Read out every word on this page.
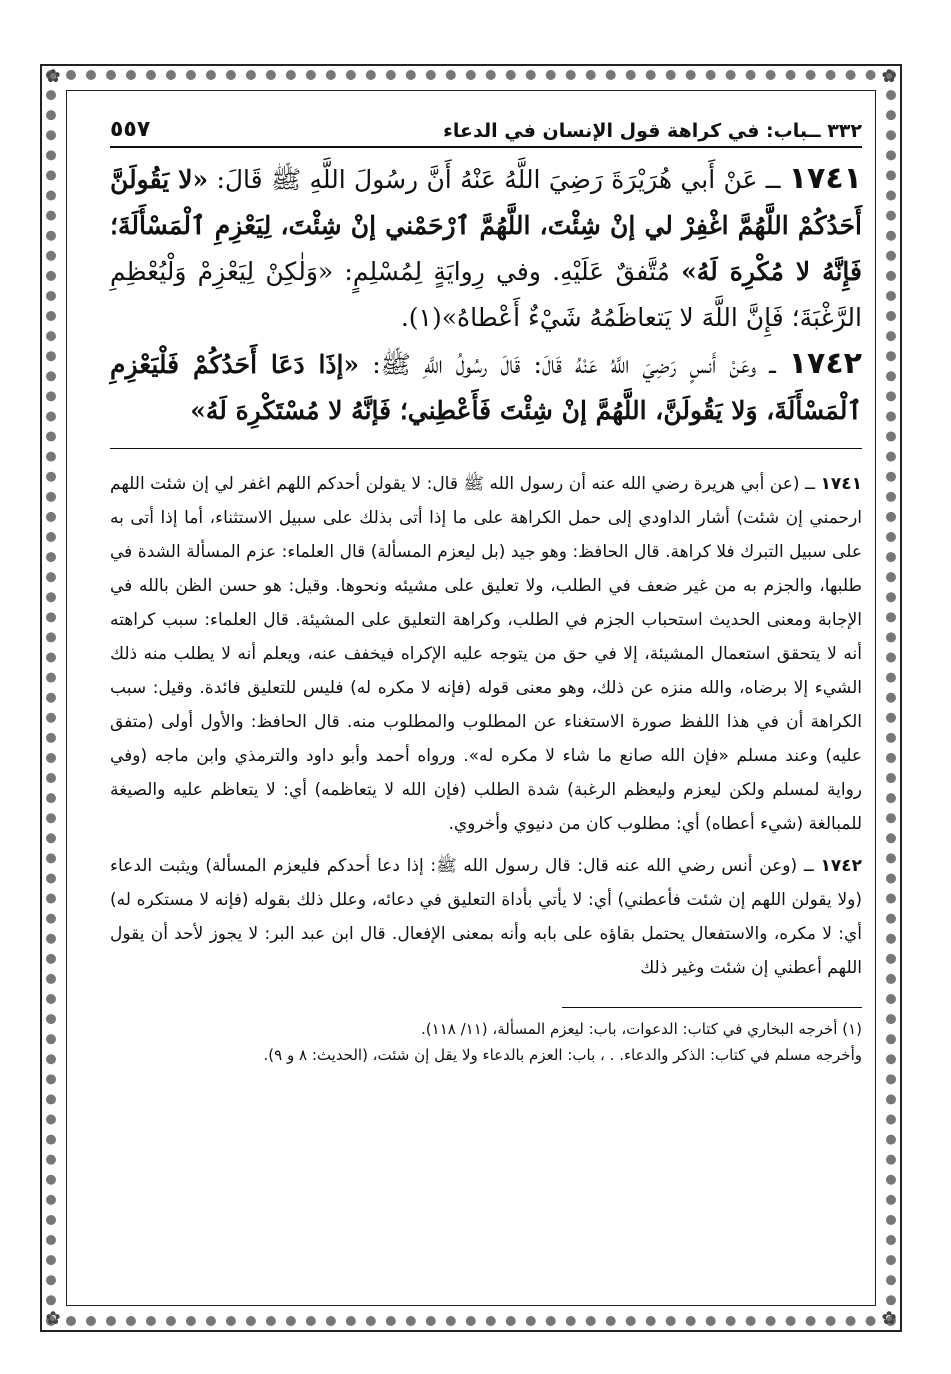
✿	✿
✿	✿
٣٣٢ ــباب: في كراهة قول الإنسان في الدعاء
٥٥٧

١٧٤١ ــ عَنْ أَبي هُرَيْرَةَ رَضِيَ اللَّهُ عَنْهُ أَنَّ رسُولَ اللَّهِ ﷺ قَالَ: «لا يَقُولَنَّ أَحَدُكُمْ اللَّهُمَّ اغْفِرْ لي إنْ شِئْتَ، اللَّهُمَّ ٱرْحَمْني إنْ شِئْتَ، لِيَعْزِمِ ٱلْمَسْأَلَةَ؛ فَإِنَّهُ لا مُكْرِهَ لَهُ» مُتَّفقٌ عَلَيْهِ. وفي رِوايَةٍ لِمُسْلِمٍ: «وَلٰكِنْ لِيَعْزِمْ وَلْيُعْظِمِ الرَّغْبَةَ؛ فَإِنَّ اللَّهَ لا يَتعاظَمُهُ شَيْءٌ أَعْطاهُ»(١).

١٧٤٢ ــ وعَنْ أَنسٍ رَضِيَ اللَّهُ عَنْهُ قَالَ: قَالَ رسُولُ اللَّهِ ﷺ: «إذَا دَعَا أَحَدُكُمْ فَلْيَعْزِمِ ٱلْمَسْأَلَةَ، وَلا يَقُولَنَّ، اللَّهُمَّ إنْ شِئْتَ فَأَعْطِني؛ فَإنَّهُ لا مُسْتَكْرِهَ لَهُ»

١٧٤١ ــ (عن أبي هريرة رضي الله عنه أن رسول الله ﷺ قال: لا يقولن أحدكم اللهم اغفر لي إن شئت اللهم ارحمني إن شئت) أشار الداودي إلى حمل الكراهة على ما إذا أتى بذلك على سبيل الاستثناء، أما إذا أتى به على سبيل التبرك فلا كراهة. قال الحافظ: وهو جيد (بل ليعزم المسألة) قال العلماء: عزم المسألة الشدة في طلبها، والجزم به من غير ضعف في الطلب، ولا تعليق على مشيئه ونحوها. وقيل: هو حسن الظن بالله في الإجابة ومعنى الحديث استحباب الجزم في الطلب، وكراهة التعليق على المشيئة. قال العلماء: سبب كراهته أنه لا يتحقق استعمال المشيئة، إلا في حق من يتوجه عليه الإكراه فيخفف عنه، ويعلم أنه لا يطلب منه ذلك الشيء إلا برضاه، والله منزه عن ذلك، وهو معنى قوله (فإنه لا مكره له) فليس للتعليق فائدة. وقيل: سبب الكراهة أن في هذا اللفظ صورة الاستغناء عن المطلوب والمطلوب منه. قال الحافظ: والأول أولى (متفق عليه) وعند مسلم «فإن الله صانع ما شاء لا مكره له». ورواه أحمد وأبو داود والترمذي وابن ماجه (وفي رواية لمسلم ولكن ليعزم وليعظم الرغبة) شدة الطلب (فإن الله لا يتعاظمه) أي: لا يتعاظم عليه والصيغة للمبالغة (شيء أعطاه) أي: مطلوب كان من دنيوي وأخروي.

١٧٤٢ ــ (وعن أنس رضي الله عنه قال: قال رسول الله ﷺ: إذا دعا أحدكم فليعزم المسألة) ويثبت الدعاء (ولا يقولن اللهم إن شئت فأعطني) أي: لا يأتي بأداة التعليق في دعائه، وعلل ذلك بقوله (فإنه لا مستكره له) أي: لا مكره، والاستفعال يحتمل بقاؤه على بابه وأنه بمعنى الإفعال. قال ابن عبد البر: لا يجوز لأحد أن يقول اللهم أعطني إن شئت وغير ذلك

(١) أخرجه البخاري في كتاب: الدعوات، باب: ليعزم المسألة، (١١/ ١١٨).

وأخرجه مسلم في كتاب: الذكر والدعاء. . ، باب: العزم بالدعاء ولا يقل إن شئت، (الحديث: ٨ و ٩).
